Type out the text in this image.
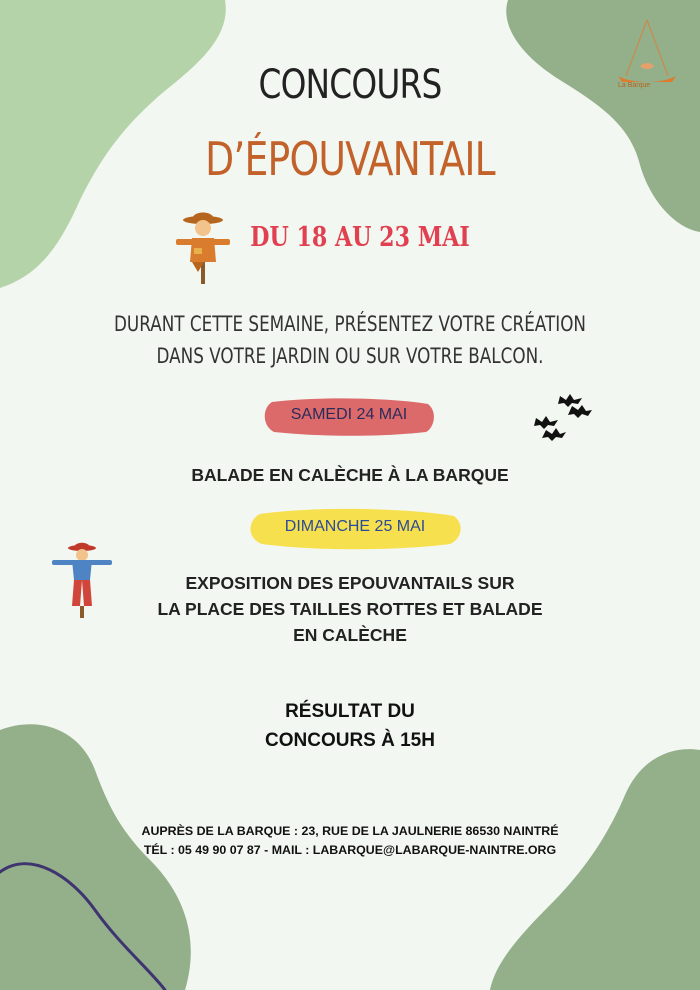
La Barque
CONCOURS
D’ÉPOUVANTAIL
DU 18 AU 23 MAI
DURANT CETTE SEMAINE, PRÉSENTEZ VOTRE CRÉATION
DANS VOTRE JARDIN OU SUR VOTRE BALCON.
SAMEDI 24 MAI
BALADE EN CALÈCHE À LA BARQUE
DIMANCHE 25 MAI
EXPOSITION DES EPOUVANTAILS SUR
LA PLACE DES TAILLES ROTTES ET BALADE
EN CALÈCHE
RÉSULTAT DU
CONCOURS À 15H
AUPRÈS DE LA BARQUE : 23, RUE DE LA JAULNERIE 86530 NAINTRÉ
TÉL : 05 49 90 07 87 - MAIL : LABARQUE@LABARQUE-NAINTRE.ORG
